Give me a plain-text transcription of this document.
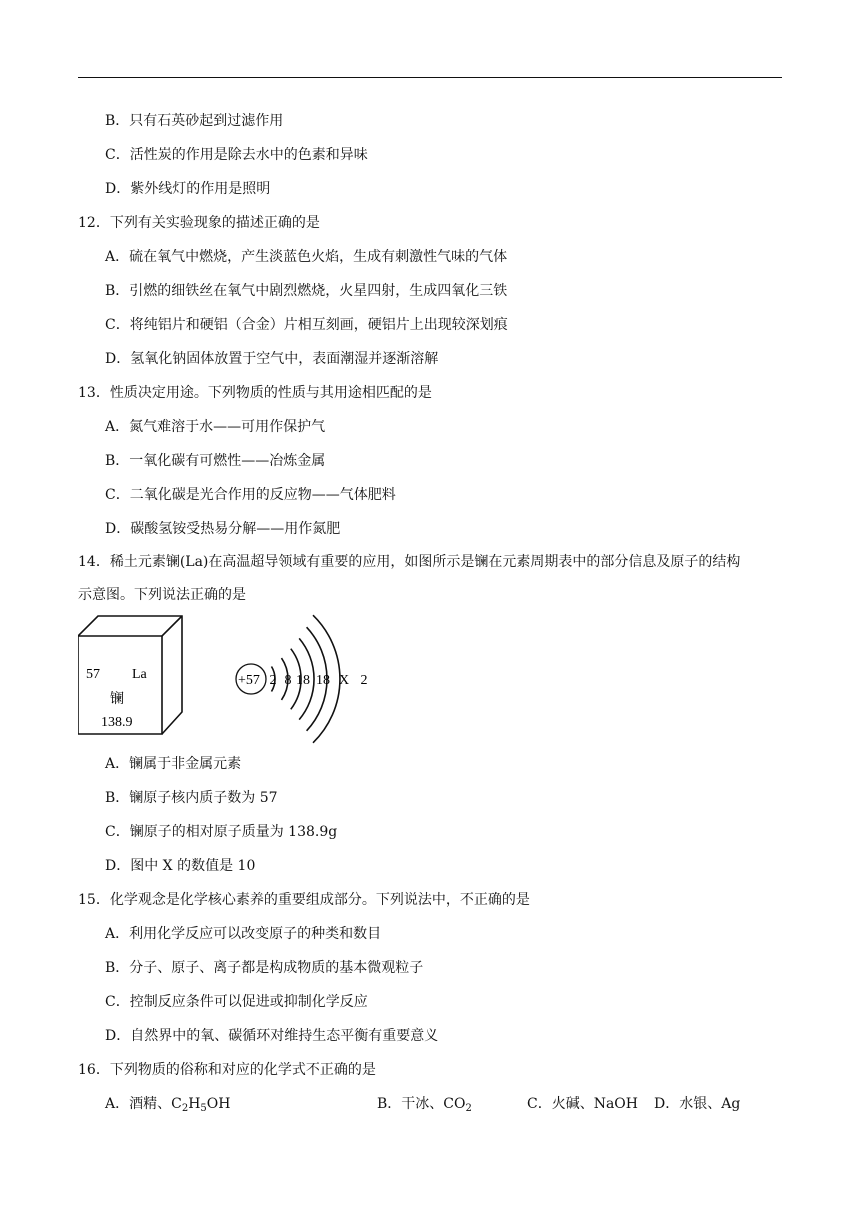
B．只有石英砂起到过滤作用
C．活性炭的作用是除去水中的色素和异味
D．紫外线灯的作用是照明
12．下列有关实验现象的描述正确的是
A．硫在氧气中燃烧，产生淡蓝色火焰，生成有刺激性气味的气体
B．引燃的细铁丝在氧气中剧烈燃烧，火星四射，生成四氧化三铁
C．将纯铝片和硬铝（合金）片相互刻画，硬铝片上出现较深划痕
D．氢氧化钠固体放置于空气中，表面潮湿并逐渐溶解
13．性质决定用途。下列物质的性质与其用途相匹配的是
A．氮气难溶于水——可用作保护气
B．一氧化碳有可燃性——冶炼金属
C．二氧化碳是光合作用的反应物——气体肥料
D．碳酸氢铵受热易分解——用作氮肥
14．稀土元素镧(La)在高温超导领域有重要的应用，如图所示是镧在元素周期表中的部分信息及原子的结构
示意图。下列说法正确的是
A．镧属于非金属元素
B．镧原子核内质子数为 57
C．镧原子的相对原子质量为 138.9g
D．图中 X 的数值是 10
15．化学观念是化学核心素养的重要组成部分。下列说法中，不正确的是
A．利用化学反应可以改变原子的种类和数目
B．分子、原子、离子都是构成物质的基本微观粒子
C．控制反应条件可以促进或抑制化学反应
D．自然界中的氧、碳循环对维持生态平衡有重要意义
16．下列物质的俗称和对应的化学式不正确的是
A．酒精、$C_2H_5OH$	B．干冰、$CO_2$	C．火碱、NaOH D．水银、Ag
57 La
镧
138.9
+57 2 8 18 18 X 2
